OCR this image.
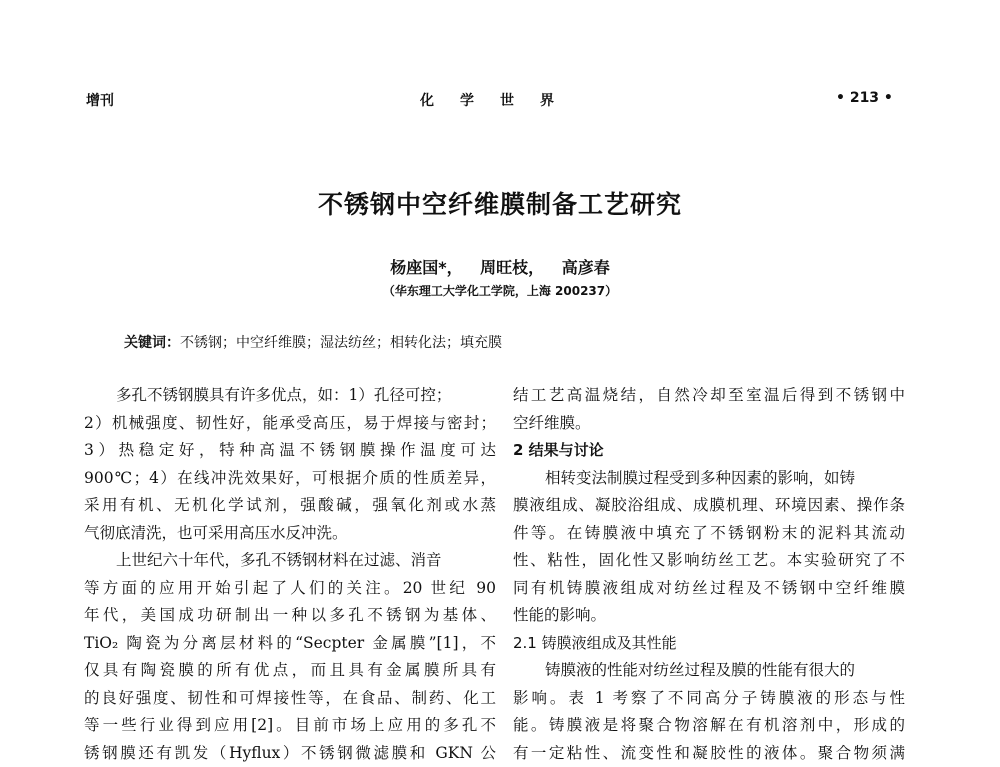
增刊	化学世界	• 213 •
不锈钢中空纤维膜制备工艺研究
杨座国*， 周旺枝， 高彦春
（华东理工大学化工学院，上海 200237）
关键词：不锈钢；中空纤维膜；湿法纺丝；相转化法；填充膜
多孔不锈钢膜具有许多优点，如：1）孔径可控；
2）机械强度、韧性好，能承受高压，易于焊接与密封；
3）热稳定好，特种高温不锈钢膜操作温度可达
900℃；4）在线冲洗效果好，可根据介质的性质差异，
采用有机、无机化学试剂，强酸碱，强氧化剂或水蒸
气彻底清洗，也可采用高压水反冲洗。
上世纪六十年代，多孔不锈钢材料在过滤、消音
等方面的应用开始引起了人们的关注。20 世纪 90
年代，美国成功研制出一种以多孔不锈钢为基体、
TiO₂ 陶瓷为分离层材料的“Secpter 金属膜”[1]，不
仅具有陶瓷膜的所有优点，而且具有金属膜所具有
的良好强度、韧性和可焊接性等，在食品、制药、化工
等一些行业得到应用[2]。目前市场上应用的多孔不
锈钢膜还有凯发（Hyflux）不锈钢微滤膜和 GKN 公
结工艺高温烧结，自然冷却至室温后得到不锈钢中
空纤维膜。
2 结果与讨论
相转变法制膜过程受到多种因素的影响，如铸
膜液组成、凝胶浴组成、成膜机理、环境因素、操作条
件等。在铸膜液中填充了不锈钢粉末的泥料其流动
性、粘性，固化性又影响纺丝工艺。本实验研究了不
同有机铸膜液组成对纺丝过程及不锈钢中空纤维膜
性能的影响。
2.1 铸膜液组成及其性能
铸膜液的性能对纺丝过程及膜的性能有很大的
影响。表 1 考察了不同高分子铸膜液的形态与性
能。铸膜液是将聚合物溶解在有机溶剂中，形成的
有一定粘性、流变性和凝胶性的液体。聚合物须满
